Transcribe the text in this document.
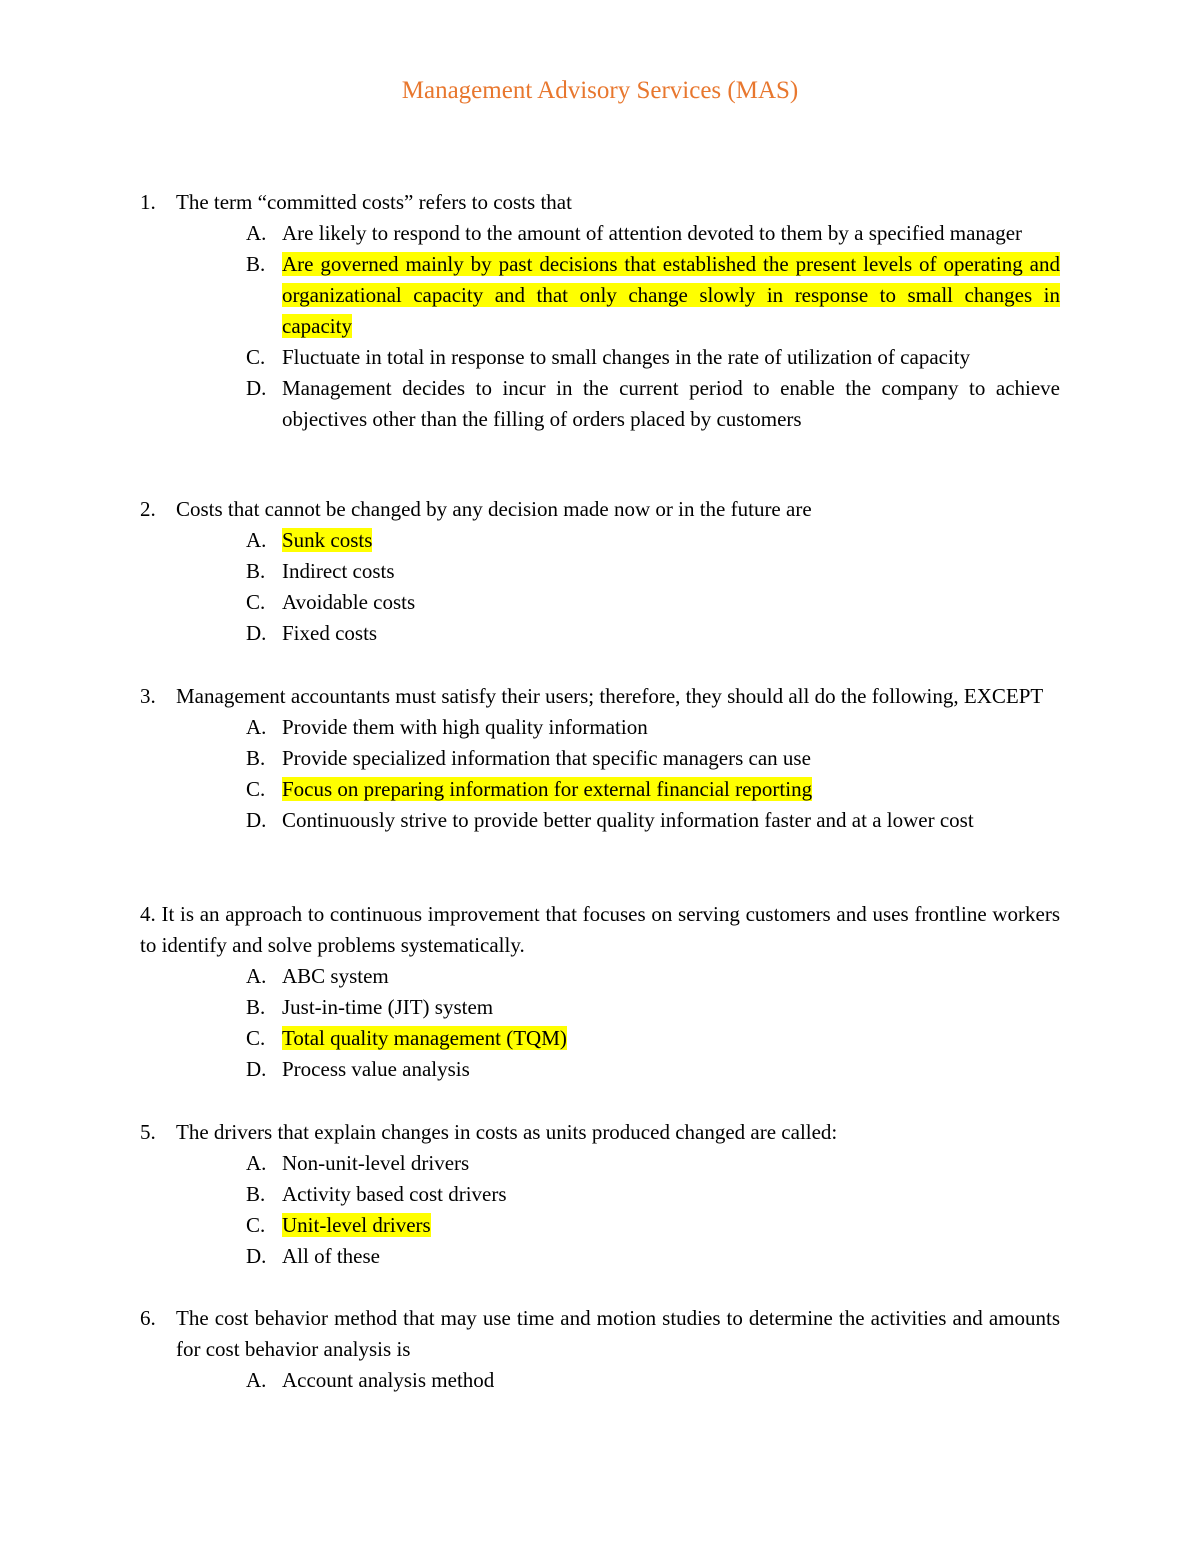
Management Advisory Services (MAS)
1. The term “committed costs” refers to costs that
A. Are likely to respond to the amount of attention devoted to them by a specified manager
B. Are governed mainly by past decisions that established the present levels of operating and organizational capacity and that only change slowly in response to small changes in capacity
C. Fluctuate in total in response to small changes in the rate of utilization of capacity
D. Management decides to incur in the current period to enable the company to achieve objectives other than the filling of orders placed by customers
2. Costs that cannot be changed by any decision made now or in the future are
A. Sunk costs
B. Indirect costs
C. Avoidable costs
D. Fixed costs
3. Management accountants must satisfy their users; therefore, they should all do the following, EXCEPT
A. Provide them with high quality information
B. Provide specialized information that specific managers can use
C. Focus on preparing information for external financial reporting
D. Continuously strive to provide better quality information faster and at a lower cost
4. It is an approach to continuous improvement that focuses on serving customers and uses frontline workers to identify and solve problems systematically.
A. ABC system
B. Just-in-time (JIT) system
C. Total quality management (TQM)
D. Process value analysis
5. The drivers that explain changes in costs as units produced changed are called:
A. Non-unit-level drivers
B. Activity based cost drivers
C. Unit-level drivers
D. All of these
6. The cost behavior method that may use time and motion studies to determine the activities and amounts for cost behavior analysis is
A. Account analysis method
